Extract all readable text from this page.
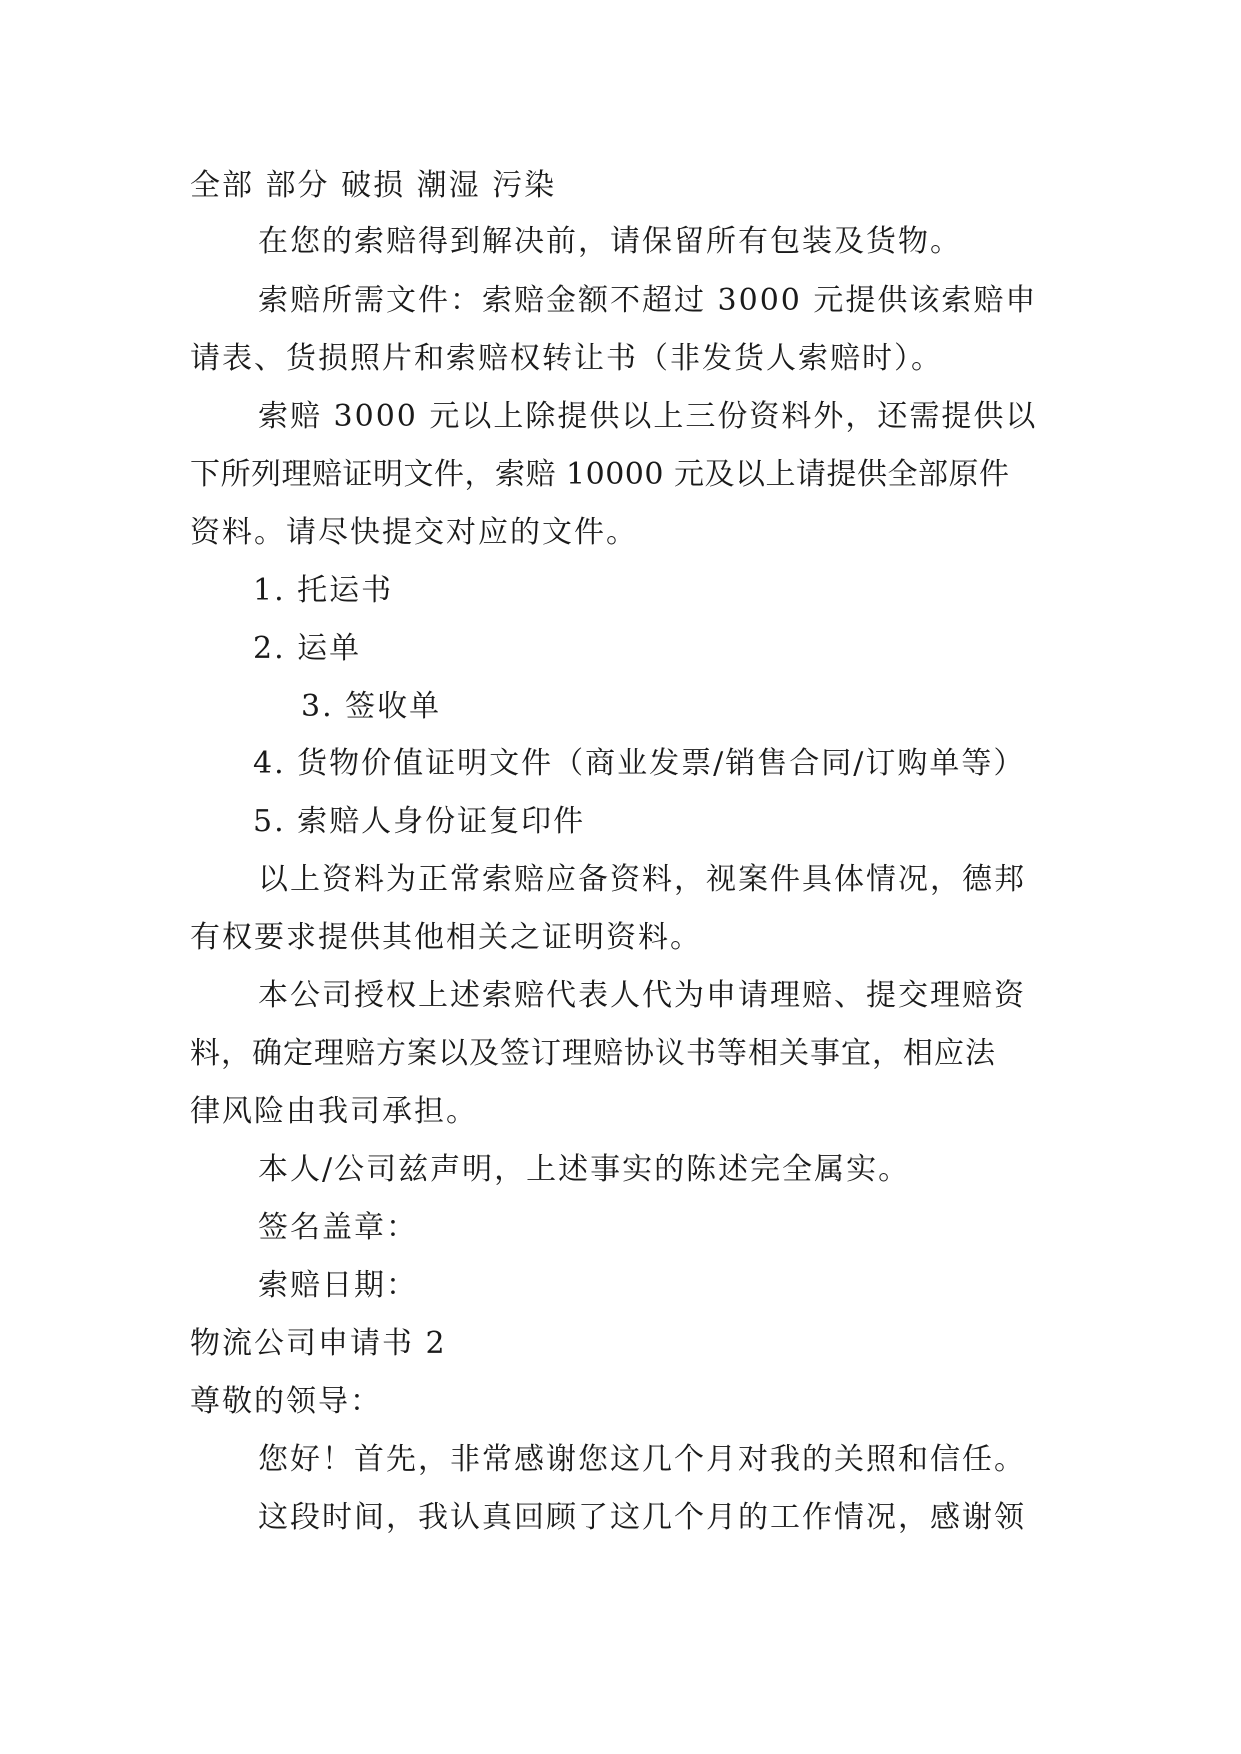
全部 部分 破损 潮湿 污染
在您的索赔得到解决前，请保留所有包装及货物。
索赔所需文件：索赔金额不超过 3000 元提供该索赔申
请表、货损照片和索赔权转让书（非发货人索赔时）。
索赔 3000 元以上除提供以上三份资料外，还需提供以
下所列理赔证明文件，索赔 10000 元及以上请提供全部原件
资料。请尽快提交对应的文件。
1. 托运书
2. 运单
3. 签收单
4. 货物价值证明文件（商业发票/销售合同/订购单等）
5. 索赔人身份证复印件
以上资料为正常索赔应备资料，视案件具体情况，德邦
有权要求提供其他相关之证明资料。
本公司授权上述索赔代表人代为申请理赔、提交理赔资
料，确定理赔方案以及签订理赔协议书等相关事宜，相应法
律风险由我司承担。
本人/公司兹声明，上述事实的陈述完全属实。
签名盖章：
索赔日期：
物流公司申请书 2
尊敬的领导：
您好！首先，非常感谢您这几个月对我的关照和信任。
这段时间，我认真回顾了这几个月的工作情况，感谢领
